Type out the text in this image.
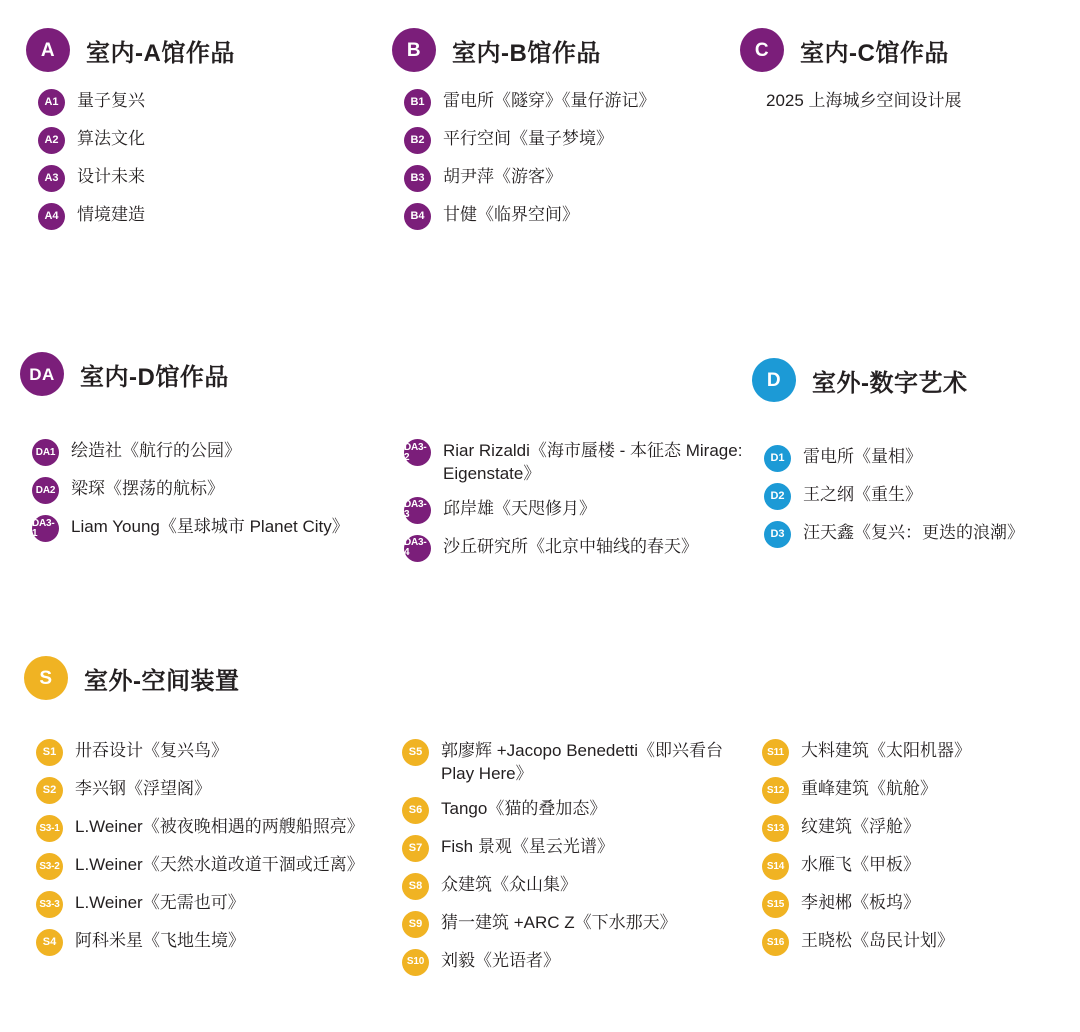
A	室内-A馆作品
A1	量子复兴
A2	算法文化
A3	设计未来
A4	情境建造
B	室内-B馆作品
B1	雷电所《隧穿》《量仔游记》
B2	平行空间《量子梦境》
B3	胡尹萍《游客》
B4	甘健《临界空间》
C	室内-C馆作品
2025 上海城乡空间设计展
DA	室内-D馆作品
DA1 绘造社《航行的公园》
DA2 梁琛《摆荡的航标》
DA3-1	Liam Young《星球城市 Planet City》
DA3-2	Riar Rizaldi《海市蜃楼 - 本征态 Mirage: Eigenstate》
DA3-3	邱岸雄《天咫修月》
DA3-4	沙丘研究所《北京中轴线的春天》
D	室外-数字艺术
D1	雷电所《量相》
D2	王之纲《重生》
D3	汪天鑫《复兴：更迭的浪潮》
S	室外-空间装置
S1	卅吞设计《复兴鸟》
S2	李兴钢《浮望阁》
S3-1 L.Weiner《被夜晚相遇的两艘船照亮》
S3-2 L.Weiner《天然水道改道干涸或迁离》
S3-3 L.Weiner《无需也可》
S4	阿科米星《飞地生境》
S5	郭廖辉 +Jacopo Benedetti《即兴看台 Play Here》
S6	Tango《猫的叠加态》
S7	Fish 景观《星云光谱》
S8	众建筑《众山集》
S9	猜一建筑 +ARC Z《下水那天》
S10 刘毅《光语者》
S11	大料建筑《太阳机器》
S12 重峰建筑《航舱》
S13 纹建筑《浮舱》
S14 水雁飞《甲板》
S15 李昶郴《板坞》
S16 王晓松《岛民计划》
